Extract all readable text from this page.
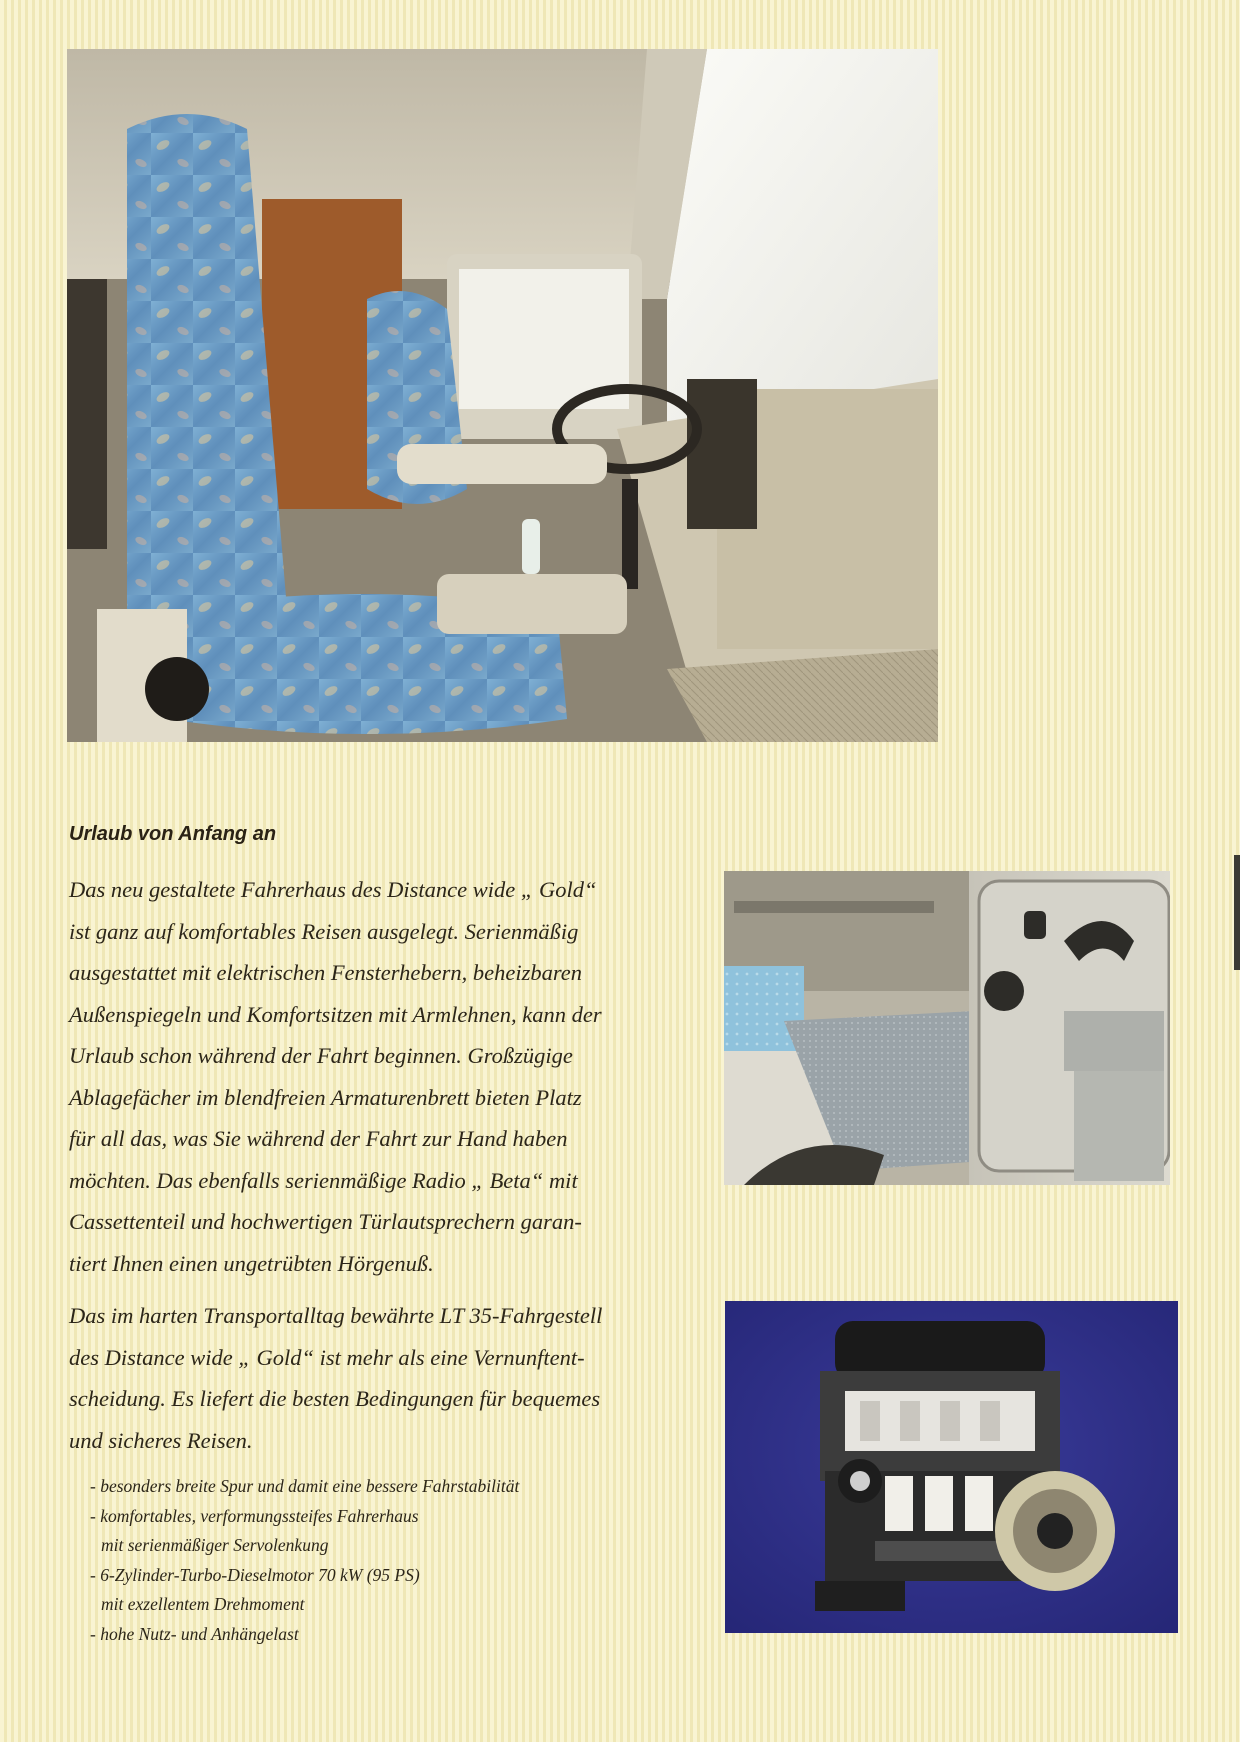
Urlaub von Anfang an

Das neu gestaltete Fahrerhaus des Distance wide „ Gold“
ist ganz auf komfortables Reisen ausgelegt. Serienmäßig
ausgestattet mit elektrischen Fensterhebern, beheizbaren
Außenspiegeln und Komfortsitzen mit Armlehnen, kann der
Urlaub schon während der Fahrt beginnen. Großzügige
Ablagefächer im blendfreien Armaturenbrett bieten Platz
für all das, was Sie während der Fahrt zur Hand haben
möchten. Das ebenfalls serienmäßige Radio „ Beta“ mit
Cassettenteil und hochwertigen Türlautsprechern garan-
tiert Ihnen einen ungetrübten Hörgenuß.

Das im harten Transportalltag bewährte LT 35-Fahrgestell
des Distance wide „ Gold“ ist mehr als eine Vernunftent-
scheidung. Es liefert die besten Bedingungen für bequemes
und sicheres Reisen.

- besonders breite Spur und damit eine bessere Fahrstabilität
- komfortables, verformungssteifes Fahrerhaus
mit serienmäßiger Servolenkung
- 6-Zylinder-Turbo-Dieselmotor 70 kW (95 PS)
mit exzellentem Drehmoment
- hohe Nutz- und Anhängelast
